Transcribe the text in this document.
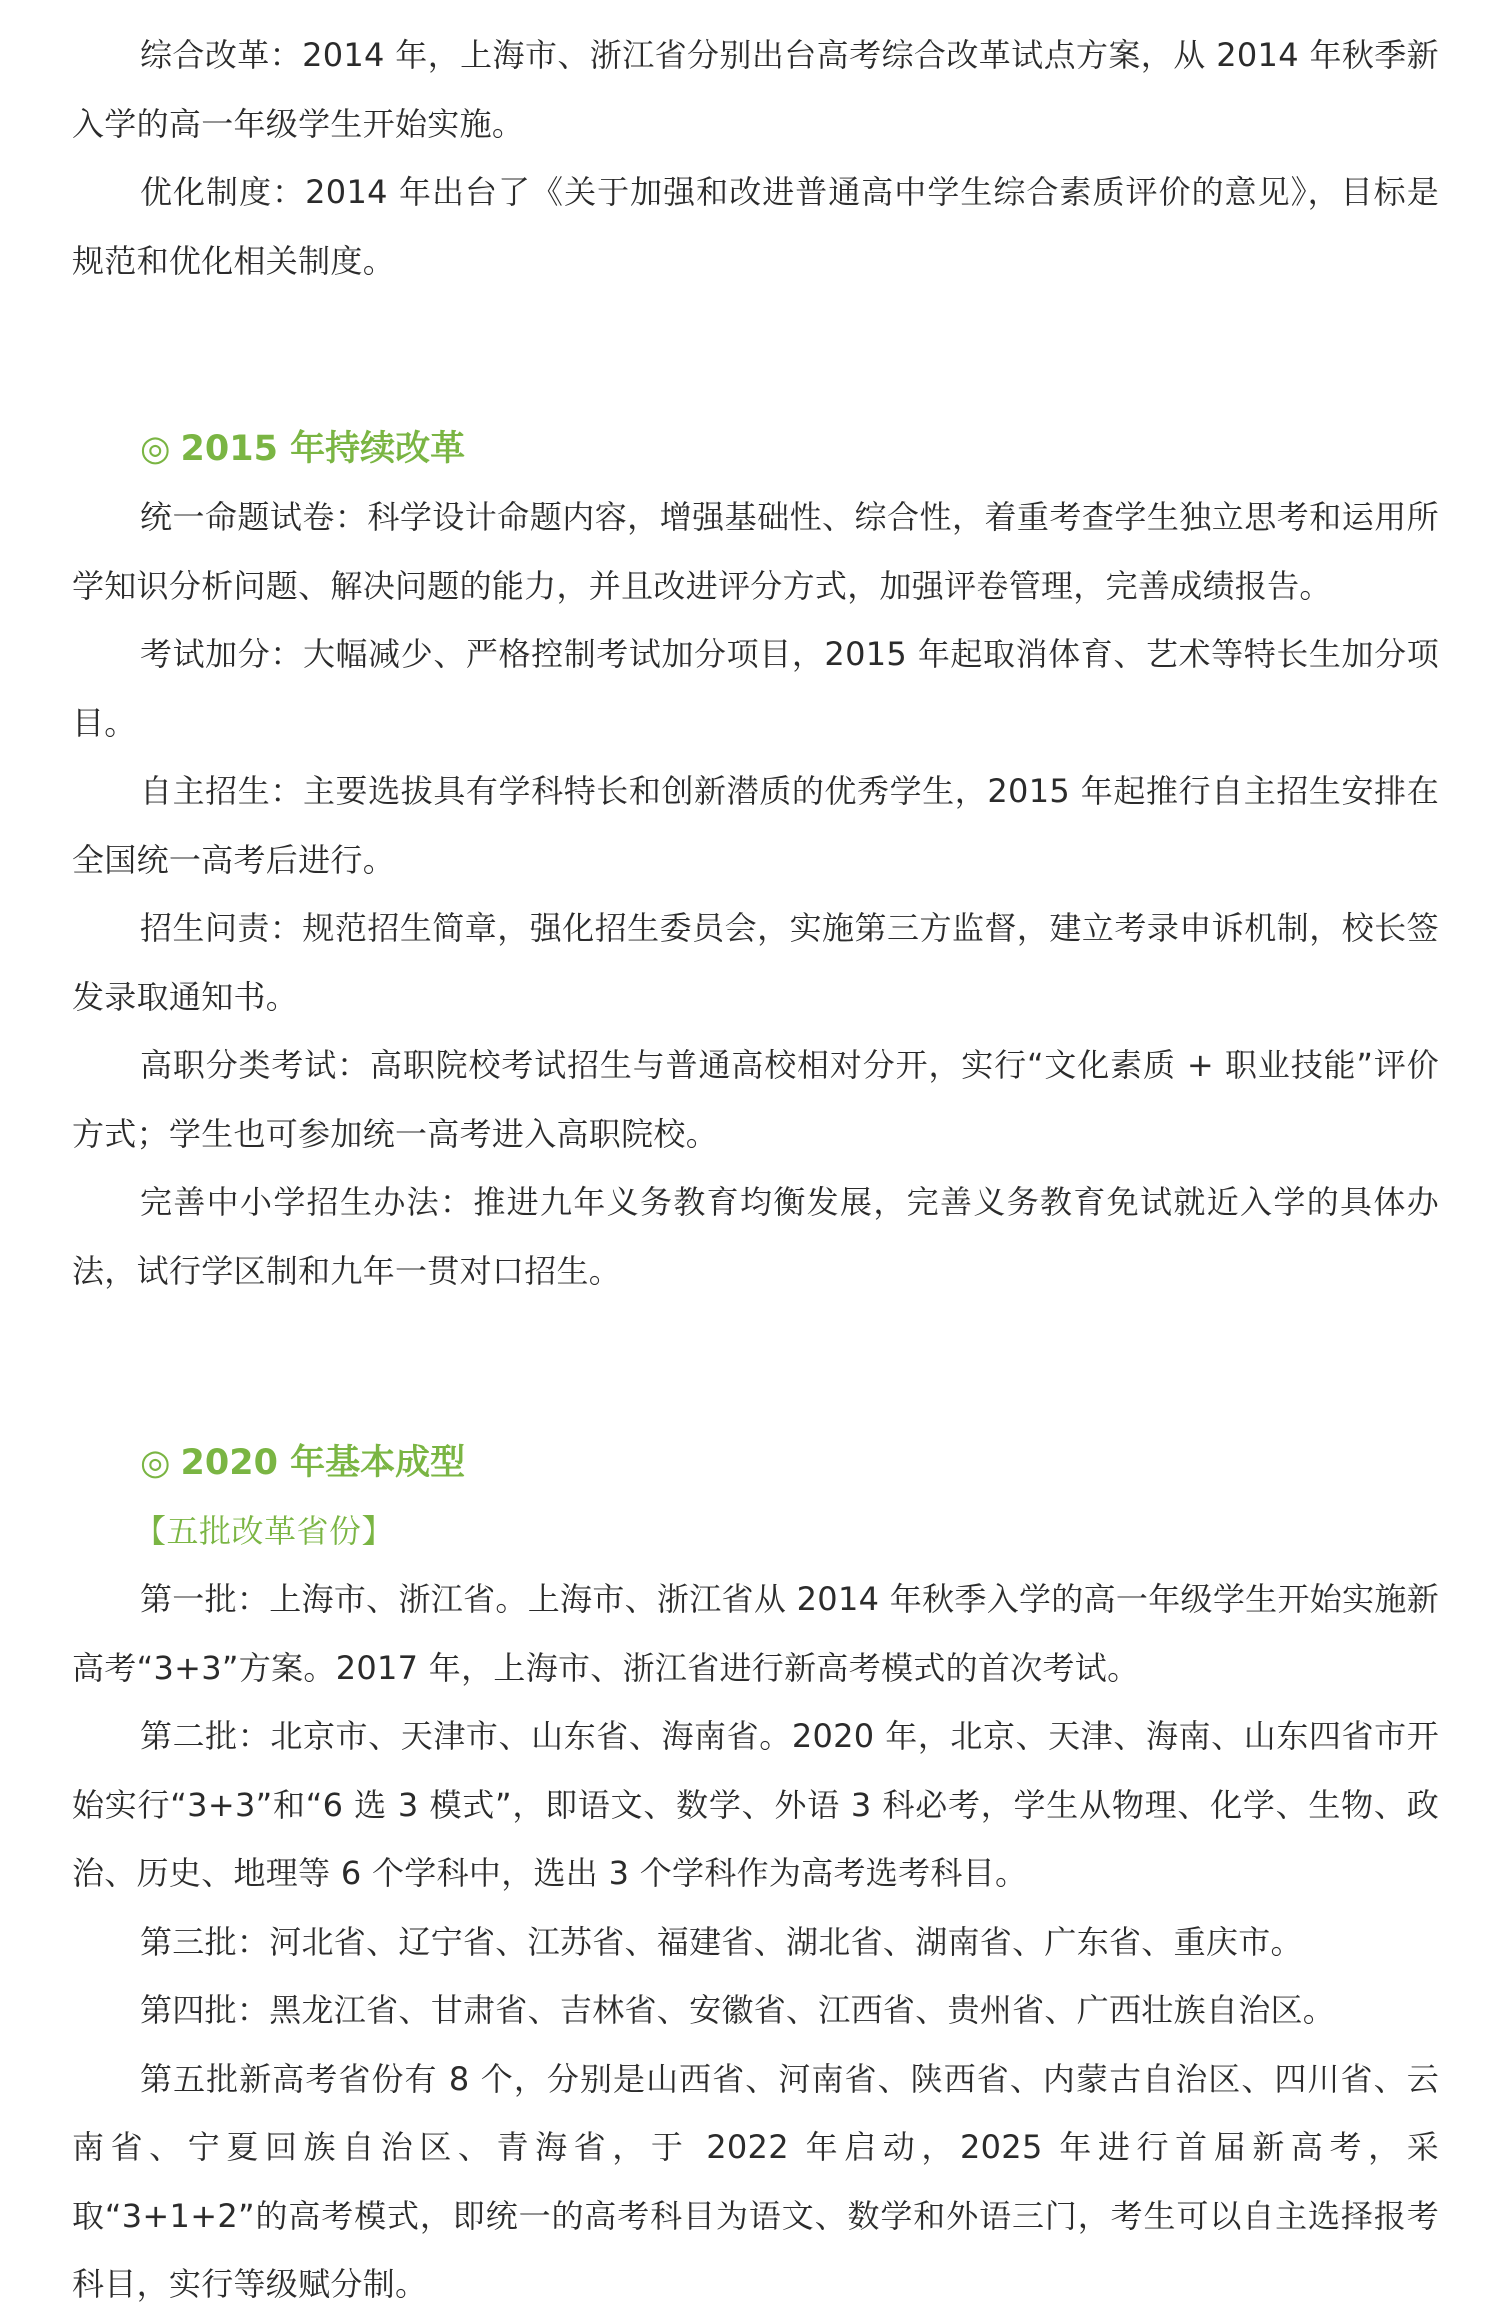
综合改革：2014 年，上海市、浙江省分别出台高考综合改革试点方案，从 2014 年秋季新入学的高一年级学生开始实施。

优化制度：2014 年出台了《关于加强和改进普通高中学生综合素质评价的意见》，目标是规范和优化相关制度。

◎ 2015 年持续改革

统一命题试卷：科学设计命题内容，增强基础性、综合性，着重考查学生独立思考和运用所学知识分析问题、解决问题的能力，并且改进评分方式，加强评卷管理，完善成绩报告。

考试加分：大幅减少、严格控制考试加分项目，2015 年起取消体育、艺术等特长生加分项目。

自主招生：主要选拔具有学科特长和创新潜质的优秀学生，2015 年起推行自主招生安排在全国统一高考后进行。

招生问责：规范招生简章，强化招生委员会，实施第三方监督，建立考录申诉机制，校长签发录取通知书。

高职分类考试：高职院校考试招生与普通高校相对分开，实行“文化素质 + 职业技能”评价方式；学生也可参加统一高考进入高职院校。

完善中小学招生办法：推进九年义务教育均衡发展，完善义务教育免试就近入学的具体办法，试行学区制和九年一贯对口招生。

◎ 2020 年基本成型

【五批改革省份】

第一批：上海市、浙江省。上海市、浙江省从 2014 年秋季入学的高一年级学生开始实施新高考“3+3”方案。2017 年，上海市、浙江省进行新高考模式的首次考试。

第二批：北京市、天津市、山东省、海南省。2020 年，北京、天津、海南、山东四省市开始实行“3+3”和“6 选 3 模式”，即语文、数学、外语 3 科必考，学生从物理、化学、生物、政治、历史、地理等 6 个学科中，选出 3 个学科作为高考选考科目。

第三批：河北省、辽宁省、江苏省、福建省、湖北省、湖南省、广东省、重庆市。

第四批：黑龙江省、甘肃省、吉林省、安徽省、江西省、贵州省、广西壮族自治区。

第五批新高考省份有 8 个，分别是山西省、河南省、陕西省、内蒙古自治区、四川省、云南省、宁夏回族自治区、青海省，于 2022 年启动，2025 年进行首届新高考，采取“3+1+2”的高考模式，即统一的高考科目为语文、数学和外语三门，考生可以自主选择报考科目，实行等级赋分制。
